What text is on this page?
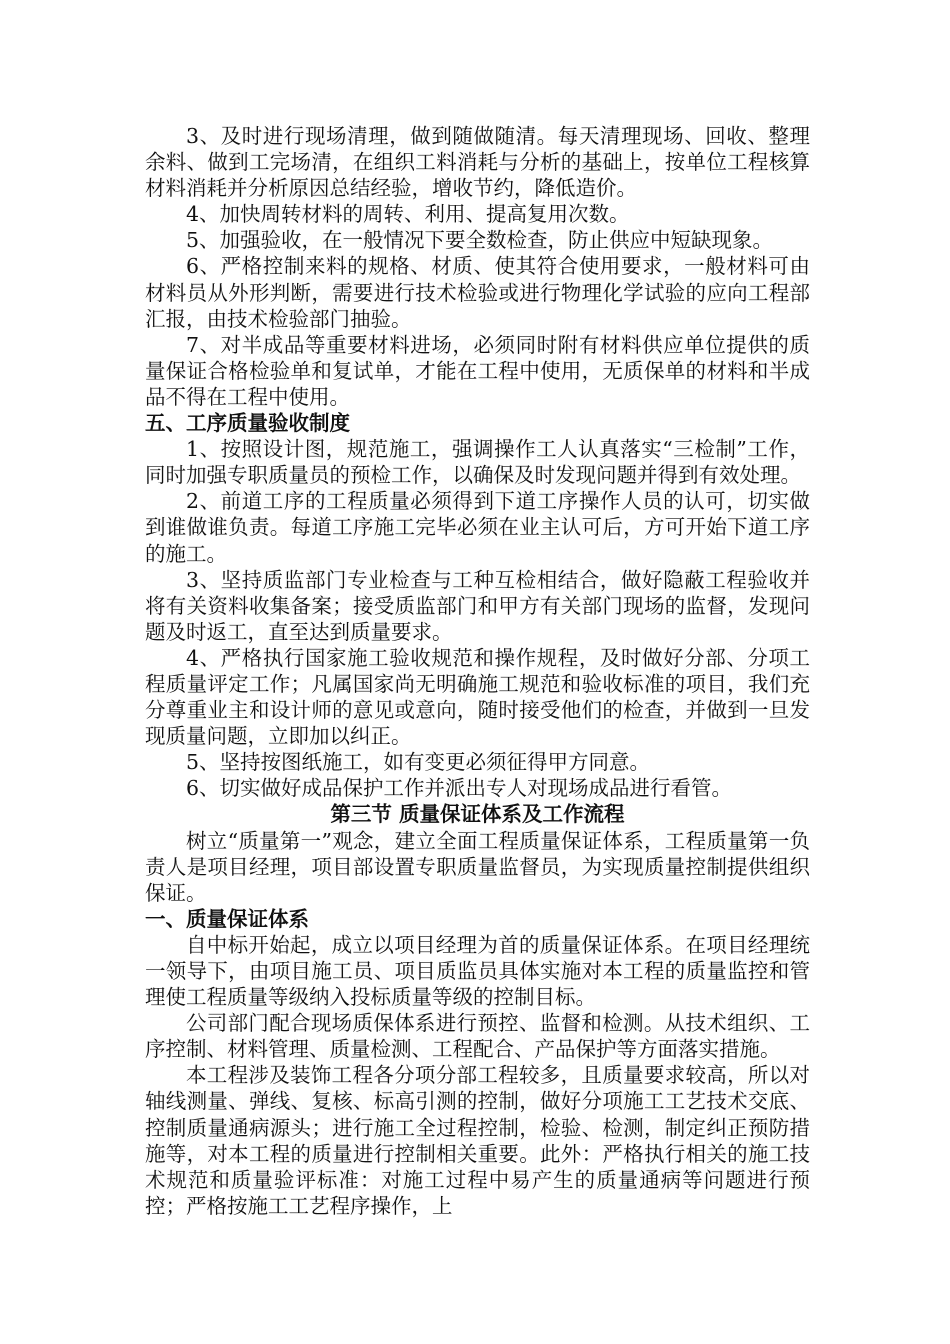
3、及时进行现场清理，做到随做随清。每天清理现场、回收、整理余料、做到工完场清，在组织工料消耗与分析的基础上，按单位工程核算材料消耗并分析原因总结经验，增收节约，降低造价。

4、加快周转材料的周转、利用、提高复用次数。

5、加强验收，在一般情况下要全数检查，防止供应中短缺现象。

6、严格控制来料的规格、材质、使其符合使用要求，一般材料可由材料员从外形判断，需要进行技术检验或进行物理化学试验的应向工程部汇报，由技术检验部门抽验。

7、对半成品等重要材料进场，必须同时附有材料供应单位提供的质量保证合格检验单和复试单，才能在工程中使用，无质保单的材料和半成品不得在工程中使用。

五、工序质量验收制度

1、按照设计图，规范施工，强调操作工人认真落实“三检制”工作，同时加强专职质量员的预检工作，以确保及时发现问题并得到有效处理。

2、前道工序的工程质量必须得到下道工序操作人员的认可，切实做到谁做谁负责。每道工序施工完毕必须在业主认可后，方可开始下道工序的施工。

3、坚持质监部门专业检查与工种互检相结合，做好隐蔽工程验收并将有关资料收集备案；接受质监部门和甲方有关部门现场的监督，发现问题及时返工，直至达到质量要求。

4、严格执行国家施工验收规范和操作规程，及时做好分部、分项工程质量评定工作；凡属国家尚无明确施工规范和验收标准的项目，我们充分尊重业主和设计师的意见或意向，随时接受他们的检查，并做到一旦发现质量问题，立即加以纠正。

5、坚持按图纸施工，如有变更必须征得甲方同意。

6、切实做好成品保护工作并派出专人对现场成品进行看管。

第三节 质量保证体系及工作流程

树立“质量第一”观念，建立全面工程质量保证体系，工程质量第一负责人是项目经理，项目部设置专职质量监督员，为实现质量控制提供组织保证。

一、质量保证体系

自中标开始起，成立以项目经理为首的质量保证体系。在项目经理统一领导下，由项目施工员、项目质监员具体实施对本工程的质量监控和管理使工程质量等级纳入投标质量等级的控制目标。

公司部门配合现场质保体系进行预控、监督和检测。从技术组织、工序控制、材料管理、质量检测、工程配合、产品保护等方面落实措施。

本工程涉及装饰工程各分项分部工程较多，且质量要求较高，所以对轴线测量、弹线、复核、标高引测的控制，做好分项施工工艺技术交底、控制质量通病源头；进行施工全过程控制，检验、检测，制定纠正预防措施等，对本工程的质量进行控制相关重要。此外：严格执行相关的施工技术规范和质量验评标准：对施工过程中易产生的质量通病等问题进行预控；严格按施工工艺程序操作，上
